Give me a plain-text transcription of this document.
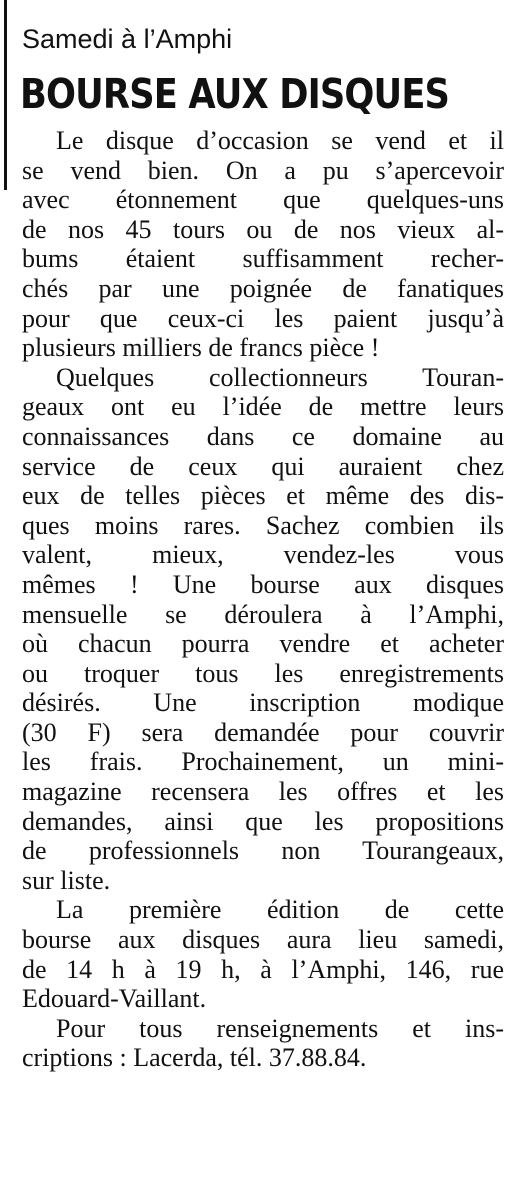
Samedi à l’Amphi
BOURSE AUX DISQUES

Le disque d’occasion se vend et il
se vend bien. On a pu s’apercevoir
avec étonnement que quelques-uns
de nos 45 tours ou de nos vieux al-
bums étaient suffisamment recher-
chés par une poignée de fanatiques
pour que ceux-ci les paient jusqu’à
plusieurs milliers de francs pièce !

Quelques collectionneurs Touran-
geaux ont eu l’idée de mettre leurs
connaissances dans ce domaine au
service de ceux qui auraient chez
eux de telles pièces et même des dis-
ques moins rares. Sachez combien ils
valent, mieux, vendez-les vous
mêmes ! Une bourse aux disques
mensuelle se déroulera à l’Amphi,
où chacun pourra vendre et acheter
ou troquer tous les enregistrements
désirés. Une inscription modique
(30 F) sera demandée pour couvrir
les frais. Prochainement, un mini-
magazine recensera les offres et les
demandes, ainsi que les propositions
de professionnels non Tourangeaux,
sur liste.

La première édition de cette
bourse aux disques aura lieu samedi,
de 14 h à 19 h, à l’Amphi, 146, rue
Edouard-Vaillant.

Pour tous renseignements et ins-
criptions : Lacerda, tél. 37.88.84.
